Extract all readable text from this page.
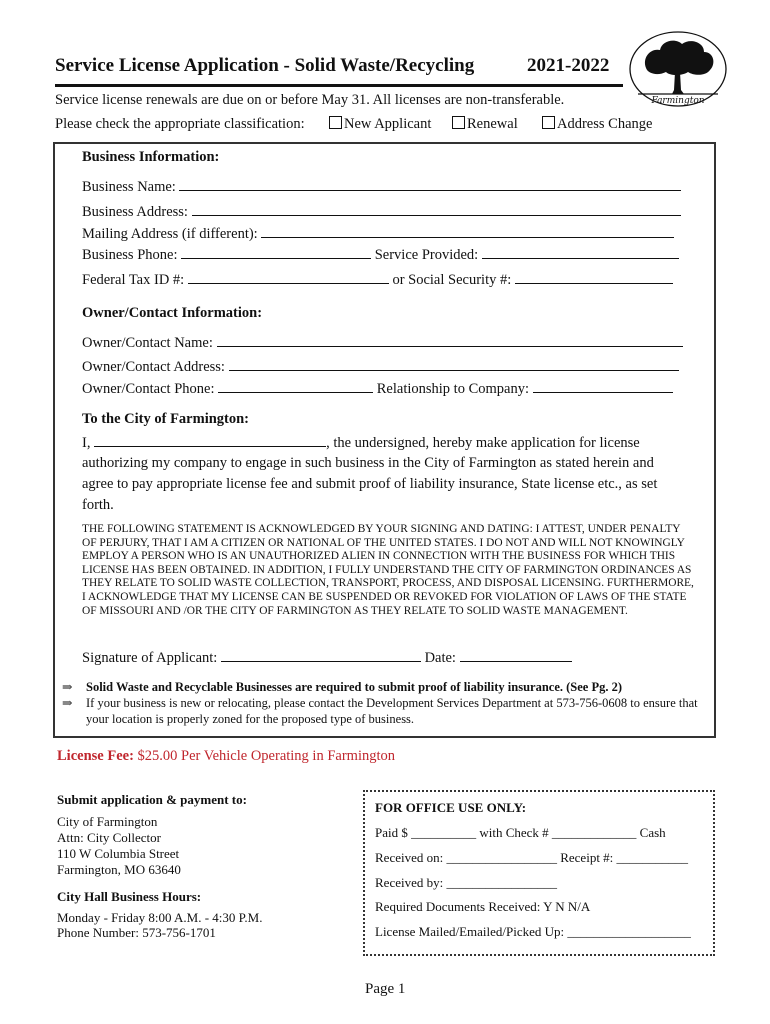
Service License Application - Solid Waste/Recycling	2021-2022
Farmington
Service license renewals are due on or before May 31. All licenses are non-transferable.
Please check the appropriate classification:	New Applicant	Renewal	Address Change
Business Information:
Business Name:
Business Address:
Mailing Address (if different):
Business Phone:	Service Provided:
Federal Tax ID #:	or Social Security #:
Owner/Contact Information:
Owner/Contact Name:
Owner/Contact Address:
Owner/Contact Phone:	Relationship to Company:
To the City of Farmington:
I,	, the undersigned, hereby make application for license
authorizing my company to engage in such business in the City of Farmington as stated herein and agree to pay appropriate license fee and submit proof of liability insurance, State license etc., as set forth.
THE FOLLOWING STATEMENT IS ACKNOWLEDGED BY YOUR SIGNING AND DATING: I ATTEST, UNDER PENALTY OF PERJURY, THAT I AM A CITIZEN OR NATIONAL OF THE UNITED STATES. I DO NOT AND WILL NOT KNOWINGLY EMPLOY A PERSON WHO IS AN UNAUTHORIZED ALIEN IN CONNECTION WITH THE BUSINESS FOR WHICH THIS LICENSE HAS BEEN OBTAINED. IN ADDITION, I FULLY UNDERSTAND THE CITY OF FARMINGTON ORDINANCES AS THEY RELATE TO SOLID WASTE COLLECTION, TRANSPORT, PROCESS, AND DISPOSAL LICENSING. FURTHERMORE, I ACKNOWLEDGE THAT MY LICENSE CAN BE SUSPENDED OR REVOKED FOR VIOLATION OF LAWS OF THE STATE OF MISSOURI AND /OR THE CITY OF FARMINGTON AS THEY RELATE TO SOLID WASTE MANAGEMENT.
Signature of Applicant:	Date:
⇒ Solid Waste and Recyclable Businesses are required to submit proof of liability insurance. (See Pg. 2)
⇒ If your business is new or relocating, please contact the Development Services Department at 573-756-0608 to ensure that your location is properly zoned for the proposed type of business.
License Fee: $25.00 Per Vehicle Operating in Farmington
Submit application & payment to:
City of Farmington
Attn: City Collector
110 W Columbia Street
Farmington, MO 63640
City Hall Business Hours:
Monday - Friday 8:00 A.M. - 4:30 P.M.
Phone Number: 573-756-1701
FOR OFFICE USE ONLY:
Paid $ __________ with Check # _____________ Cash
Received on: _________________ Receipt #: ___________
Received by: _________________
Required Documents Received: Y N N/A
License Mailed/Emailed/Picked Up: ___________________
Page 1
